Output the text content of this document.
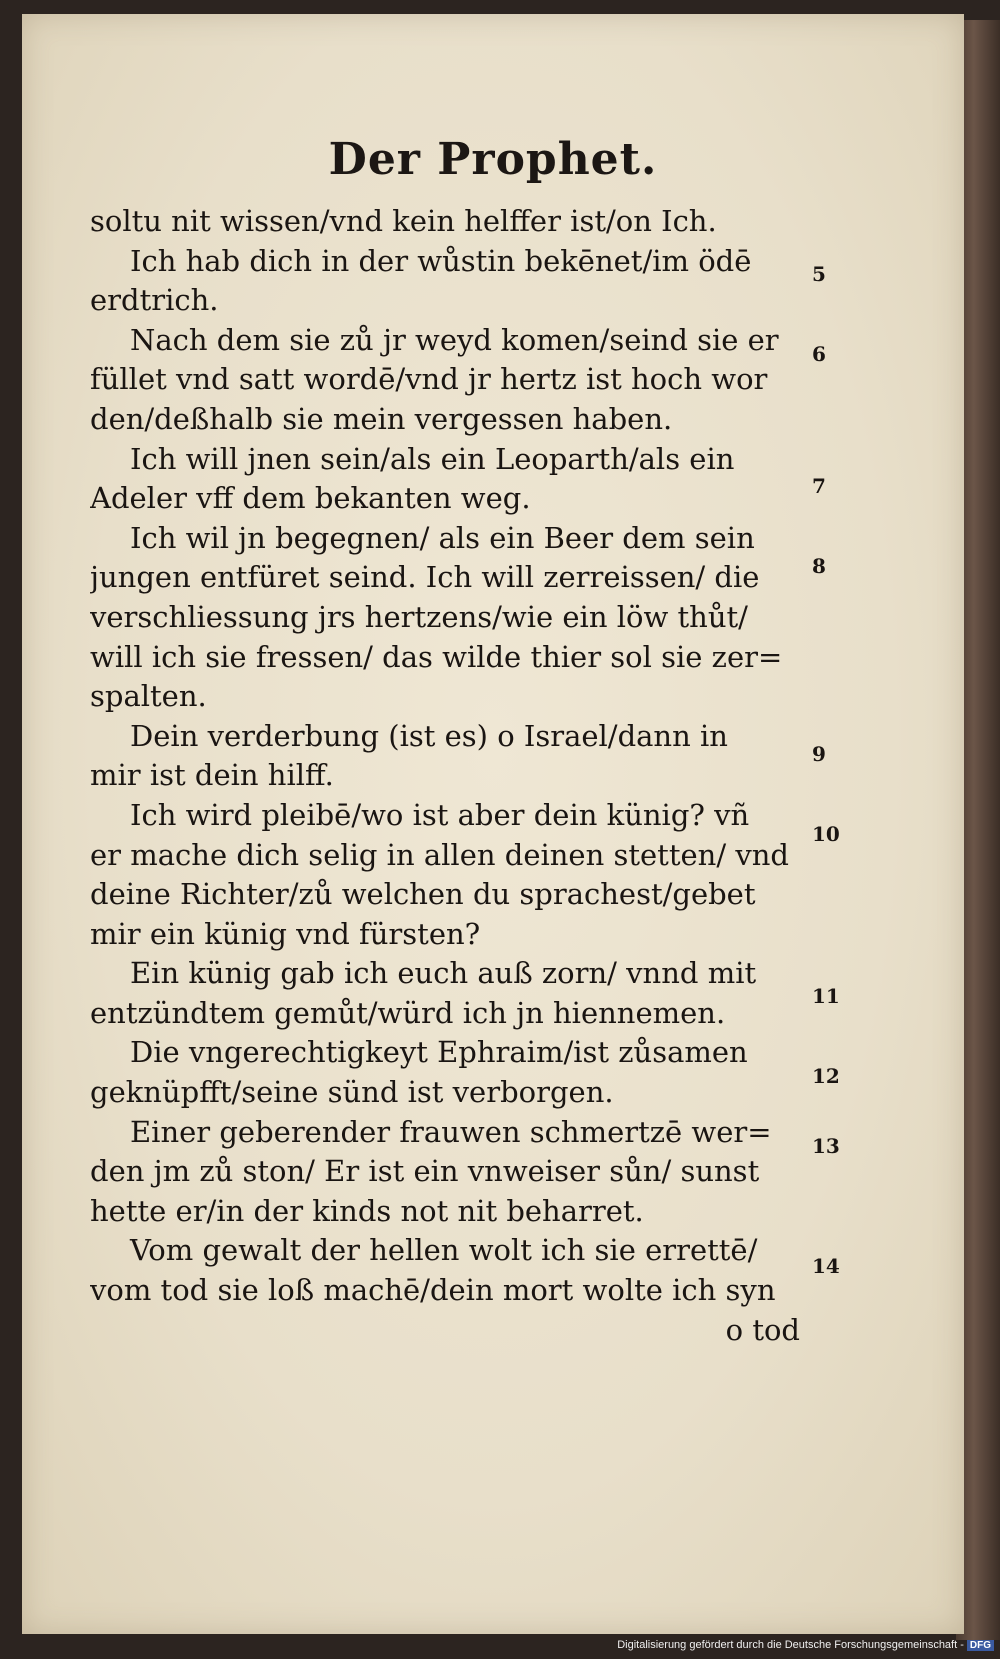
Der Prophet.
soltu nit wissen/vnd kein helffer ist/on Ich.
Ich hab dich in der wůstin bekēnet/im ödē
erdtrich.
Nach dem sie zů jr weyd komen/seind sie er
füllet vnd satt wordē/vnd jr hertz ist hoch wor
den/deßhalb sie mein vergessen haben.
Ich will jnen sein/als ein Leoparth/als ein
Adeler vff dem bekanten weg.
Ich wil jn begegnen/ als ein Beer dem sein
jungen entfüret seind. Ich will zerreissen/ die
verschliessung jrs hertzens/wie ein löw thůt/
will ich sie fressen/ das wilde thier sol sie zer=
spalten.
Dein verderbung (ist es) o Israel/dann in
mir ist dein hilff.
Ich wird pleibē/wo ist aber dein künig? vñ
er mache dich selig in allen deinen stetten/ vnd
deine Richter/zů welchen du sprachest/gebet
mir ein künig vnd fürsten?
Ein künig gab ich euch auß zorn/ vnnd mit
entzündtem gemůt/würd ich jn hiennemen.
Die vngerechtigkeyt Ephraim/ist zůsamen
geknüpfft/seine sünd ist verborgen.
Einer geberender frauwen schmertzē wer=
den jm zů ston/ Er ist ein vnweiser sůn/ sunst
hette er/in der kinds not nit beharret.
Vom gewalt der hellen wolt ich sie errettē/
vom tod sie loß machē/dein mort wolte ich syn
o tod
5
6
7
8
9
10
11
12
13
14
Digitalisierung gefördert durch die Deutsche Forschungsgemeinschaft - DFG
